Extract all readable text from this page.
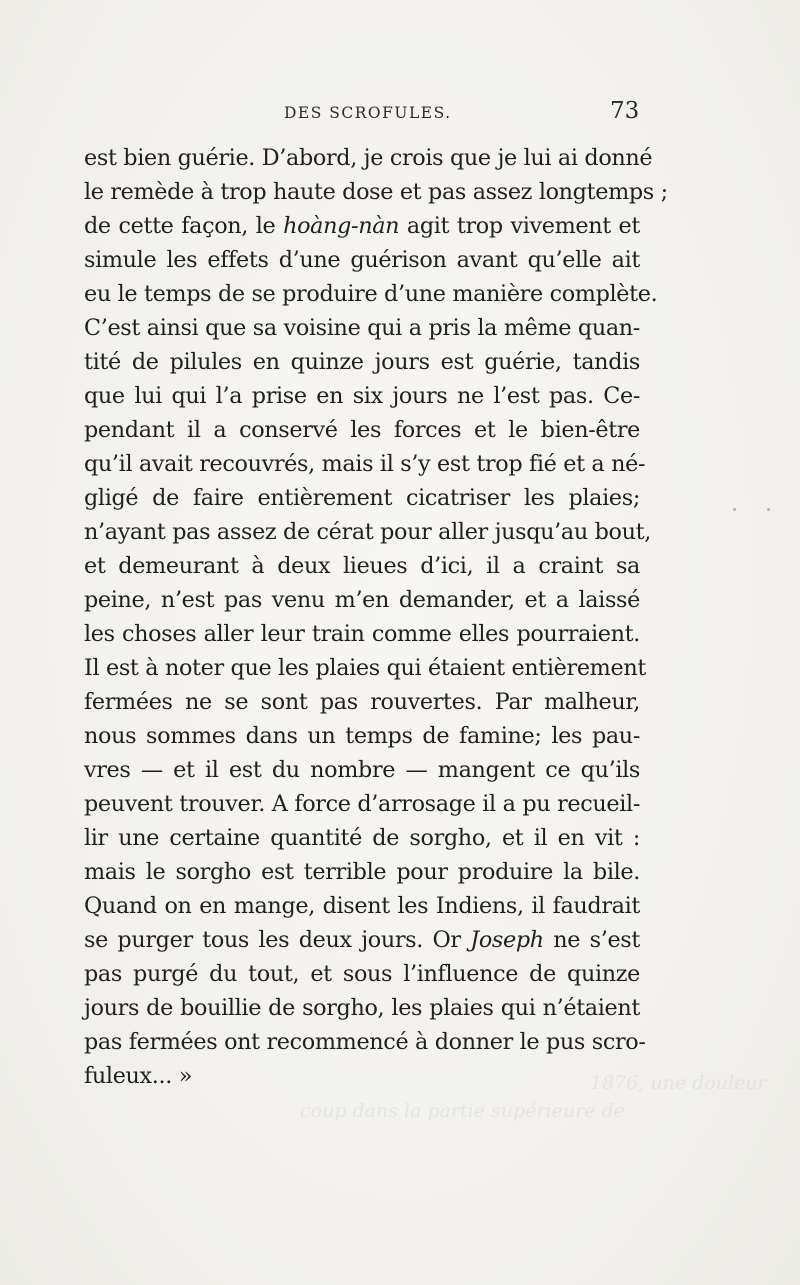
DES SCROFULES.	73
1876, une douleur
coup dans la partie supérieure de
est bien guérie. D’abord, je crois que je lui ai donné
le remède à trop haute dose et pas assez longtemps ;
de cette façon, le hoàng-nàn agit trop vivement et
simule les effets d’une guérison avant qu’elle ait
eu le temps de se produire d’une manière complète.
C’est ainsi que sa voisine qui a pris la même quan-
tité de pilules en quinze jours est guérie, tandis
que lui qui l’a prise en six jours ne l’est pas. Ce-
pendant il a conservé les forces et le bien-être
qu’il avait recouvrés, mais il s’y est trop fié et a né-
gligé de faire entièrement cicatriser les plaies;
n’ayant pas assez de cérat pour aller jusqu’au bout,
et demeurant à deux lieues d’ici, il a craint sa
peine, n’est pas venu m’en demander, et a laissé
les choses aller leur train comme elles pourraient.
Il est à noter que les plaies qui étaient entièrement
fermées ne se sont pas rouvertes. Par malheur,
nous sommes dans un temps de famine; les pau-
vres — et il est du nombre — mangent ce qu’ils
peuvent trouver. A force d’arrosage il a pu recueil-
lir une certaine quantité de sorgho, et il en vit :
mais le sorgho est terrible pour produire la bile.
Quand on en mange, disent les Indiens, il faudrait
se purger tous les deux jours. Or Joseph ne s’est
pas purgé du tout, et sous l’influence de quinze
jours de bouillie de sorgho, les plaies qui n’étaient
pas fermées ont recommencé à donner le pus scro-
fuleux... »
